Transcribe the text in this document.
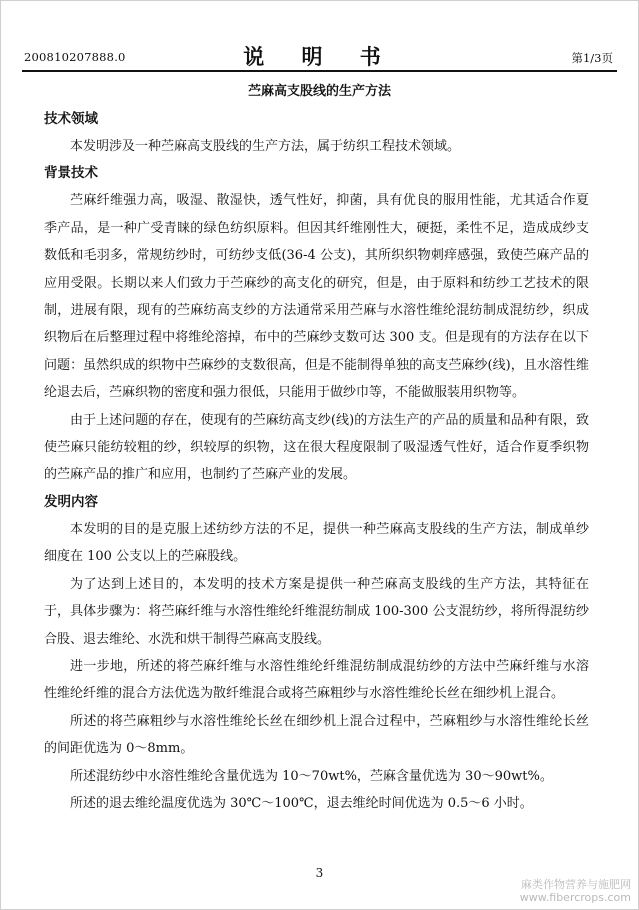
200810207888.0	说 明 书	第1/3页
苎麻高支股线的生产方法
技术领域
本发明涉及一种苎麻高支股线的生产方法，属于纺织工程技术领域。
背景技术
苎麻纤维强力高，吸湿、散湿快，透气性好，抑菌，具有优良的服用性能，尤其适合作夏季产品，是一种广受青睐的绿色纺织原料。但因其纤维刚性大，硬挺，柔性不足，造成成纱支数低和毛羽多，常规纺纱时，可纺纱支低(36-4 公支)，其所织织物刺痒感强，致使苎麻产品的应用受限。长期以来人们致力于苎麻纱的高支化的研究，但是，由于原料和纺纱工艺技术的限制，进展有限，现有的苎麻纺高支纱的方法通常采用苎麻与水溶性维纶混纺制成混纺纱，织成织物后在后整理过程中将维纶溶掉，布中的苎麻纱支数可达 300 支。但是现有的方法存在以下问题：虽然织成的织物中苎麻纱的支数很高，但是不能制得单独的高支苎麻纱(线)，且水溶性维纶退去后，苎麻织物的密度和强力很低，只能用于做纱巾等，不能做服装用织物等。
由于上述问题的存在，使现有的苎麻纺高支纱(线)的方法生产的产品的质量和品种有限，致使苎麻只能纺较粗的纱，织较厚的织物，这在很大程度限制了吸湿透气性好，适合作夏季织物的苎麻产品的推广和应用，也制约了苎麻产业的发展。
发明内容
本发明的目的是克服上述纺纱方法的不足，提供一种苎麻高支股线的生产方法，制成单纱细度在 100 公支以上的苎麻股线。
为了达到上述目的，本发明的技术方案是提供一种苎麻高支股线的生产方法，其特征在于，具体步骤为：将苎麻纤维与水溶性维纶纤维混纺制成 100-300 公支混纺纱，将所得混纺纱合股、退去维纶、水洗和烘干制得苎麻高支股线。
进一步地，所述的将苎麻纤维与水溶性维纶纤维混纺制成混纺纱的方法中苎麻纤维与水溶性维纶纤维的混合方法优选为散纤维混合或将苎麻粗纱与水溶性维纶长丝在细纱机上混合。
所述的将苎麻粗纱与水溶性维纶长丝在细纱机上混合过程中，苎麻粗纱与水溶性维纶长丝的间距优选为 0～8mm。
所述混纺纱中水溶性维纶含量优选为 10～70wt%，苎麻含量优选为 30～90wt%。
所述的退去维纶温度优选为 30℃～100℃，退去维纶时间优选为 0.5～6 小时。
3
麻类作物营养与施肥网
www.fibercrops.com
